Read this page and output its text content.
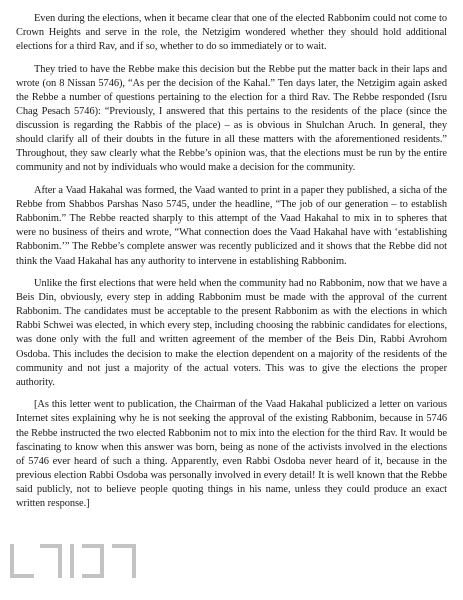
Even during the elections, when it became clear that one of the elected Rabbonim could not come to Crown Heights and serve in the role, the Netzigim wondered whether they should hold additional elections for a third Rav, and if so, whether to do so immediately or to wait.

They tried to have the Rebbe make this decision but the Rebbe put the matter back in their laps and wrote (on 8 Nissan 5746), “As per the decision of the Kahal.” Ten days later, the Netzigim again asked the Rebbe a number of questions pertaining to the election for a third Rav. The Rebbe responded (Isru Chag Pesach 5746): “Previously, I answered that this pertains to the residents of the place (since the discussion is regarding the Rabbis of the place) – as is obvious in Shulchan Aruch. In general, they should clarify all of their doubts in the future in all these matters with the aforementioned residents.” Throughout, they saw clearly what the Rebbe’s opinion was, that the elections must be run by the entire community and not by individuals who would make a decision for the community.

After a Vaad Hakahal was formed, the Vaad wanted to print in a paper they published, a sicha of the Rebbe from Shabbos Parshas Naso 5745, under the headline, “The job of our generation – to establish Rabbonim.” The Rebbe reacted sharply to this attempt of the Vaad Hakahal to mix in to spheres that were no business of theirs and wrote, “What connection does the Vaad Hakahal have with ‘establishing Rabbonim.’” The Rebbe’s complete answer was recently publicized and it shows that the Rebbe did not think the Vaad Hakahal has any authority to intervene in establishing Rabbonim.

Unlike the first elections that were held when the community had no Rabbonim, now that we have a Beis Din, obviously, every step in adding Rabbonim must be made with the approval of the current Rabbonim. The candidates must be acceptable to the present Rabbonim as with the elections in which Rabbi Schwei was elected, in which every step, including choosing the rabbinic candidates for elections, was done only with the full and written agreement of the member of the Beis Din, Rabbi Avrohom Osdoba. This includes the decision to make the election dependent on a majority of the residents of the community and not just a majority of the actual voters. This was to give the elections the proper authority.

[As this letter went to publication, the Chairman of the Vaad Hakahal publicized a letter on various Internet sites explaining why he is not seeking the approval of the existing Rabbonim, because in 5746 the Rebbe instructed the two elected Rabbonim not to mix into the election for the third Rav. It would be fascinating to know when this answer was born, being as none of the activists involved in the elections of 5746 ever heard of such a thing. Apparently, even Rabbi Osdoba never heard of it, because in the previous election Rabbi Osdoba was personally involved in every detail! It is well known that the Rebbe said publicly, not to believe people quoting things in his name, unless they could produce an exact written response.]
